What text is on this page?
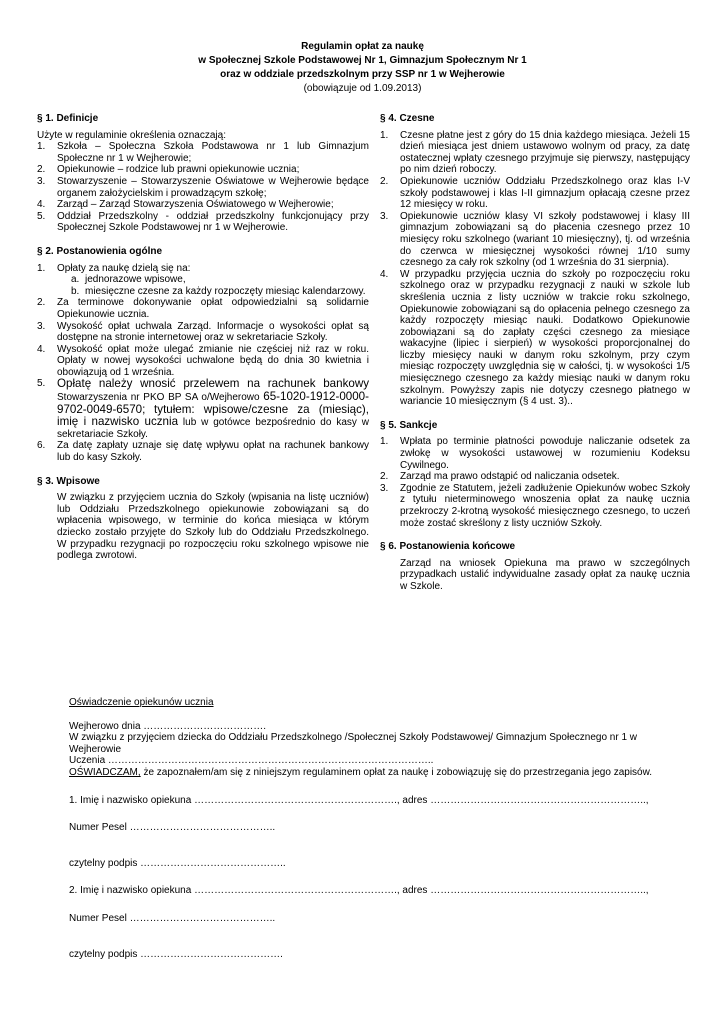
Regulamin opłat za naukę
w Społecznej Szkole Podstawowej Nr 1, Gimnazjum Społecznym Nr 1
oraz w oddziale przedszkolnym przy SSP nr 1 w Wejherowie
(obowiązuje od 1.09.2013)
§ 1. Definicje
Użyte w regulaminie określenia oznaczają:
1.	Szkoła – Społeczna Szkoła Podstawowa nr 1 lub Gimnazjum Społeczne nr 1 w Wejherowie;
2.	Opiekunowie – rodzice lub prawni opiekunowie ucznia;
3.	Stowarzyszenie – Stowarzyszenie Oświatowe w Wejherowie będące organem założycielskim i prowadzącym szkołę;
4.	Zarząd – Zarząd Stowarzyszenia Oświatowego w Wejherowie;
5.	Oddział Przedszkolny - oddział przedszkolny funkcjonujący przy Społecznej Szkole Podstawowej nr 1 w Wejherowie.
§ 2. Postanowienia ogólne
1.	Opłaty za naukę dzielą się na:
a. jednorazowe wpisowe,
b. miesięczne czesne za każdy rozpoczęty miesiąc kalendarzowy.
2.	Za terminowe dokonywanie opłat odpowiedzialni są solidarnie Opiekunowie ucznia.
3.	Wysokość opłat uchwala Zarząd. Informacje o wysokości opłat są dostępne na stronie internetowej oraz w sekretariacie Szkoły.
4.	Wysokość opłat może ulegać zmianie nie częściej niż raz w roku. Opłaty w nowej wysokości uchwalone będą do dnia 30 kwietnia i obowiązują od 1 września.
5.	Opłatę należy wnosić przelewem na rachunek bankowy Stowarzyszenia nr PKO BP SA o/Wejherowo 65-1020-1912-0000-9702-0049-6570; tytułem: wpisowe/czesne za (miesiąc), imię i nazwisko ucznia lub w gotówce bezpośrednio do kasy w sekretariacie Szkoły.
6.	Za datę zapłaty uznaje się datę wpływu opłat na rachunek bankowy lub do kasy Szkoły.
§ 3. Wpisowe
W związku z przyjęciem ucznia do Szkoły (wpisania na listę uczniów) lub Oddziału Przedszkolnego opiekunowie zobowiązani są do wpłacenia wpisowego, w terminie do końca miesiąca w którym dziecko zostało przyjęte do Szkoły lub do Oddziału Przedszkolnego. W przypadku rezygnacji po rozpoczęciu roku szkolnego wpisowe nie podlega zwrotowi.
§ 4. Czesne
1.	Czesne płatne jest z góry do 15 dnia każdego miesiąca. Jeżeli 15 dzień miesiąca jest dniem ustawowo wolnym od pracy, za datę ostatecznej wpłaty czesnego przyjmuje się pierwszy, następujący po nim dzień roboczy.
2.	Opiekunowie uczniów Oddziału Przedszkolnego oraz klas I-V szkoły podstawowej i klas I-II gimnazjum opłacają czesne przez 12 miesięcy w roku.
3.	Opiekunowie uczniów klasy VI szkoły podstawowej i klasy III gimnazjum zobowiązani są do płacenia czesnego przez 10 miesięcy roku szkolnego (wariant 10 miesięczny), tj. od września do czerwca w miesięcznej wysokości równej 1/10 sumy czesnego za cały rok szkolny (od 1 września do 31 sierpnia).
4.	W przypadku przyjęcia ucznia do szkoły po rozpoczęciu roku szkolnego oraz w przypadku rezygnacji z nauki w szkole lub skreślenia ucznia z listy uczniów w trakcie roku szkolnego, Opiekunowie zobowiązani są do opłacenia pełnego czesnego za każdy rozpoczęty miesiąc nauki. Dodatkowo Opiekunowie zobowiązani są do zapłaty części czesnego za miesiące wakacyjne (lipiec i sierpień) w wysokości proporcjonalnej do liczby miesięcy nauki w danym roku szkolnym, przy czym miesiąc rozpoczęty uwzględnia się w całości, tj. w wysokości 1/5 miesięcznego czesnego za każdy miesiąc nauki w danym roku szkolnym. Powyższy zapis nie dotyczy czesnego płatnego w wariancie 10 miesięcznym (§ 4 ust. 3)..
§ 5. Sankcje
1.	Wpłata po terminie płatności powoduje naliczanie odsetek za zwłokę w wysokości ustawowej w rozumieniu Kodeksu Cywilnego.
2.	Zarząd ma prawo odstąpić od naliczania odsetek.
3.	Zgodnie ze Statutem, jeżeli zadłużenie Opiekunów wobec Szkoły z tytułu nieterminowego wnoszenia opłat za naukę ucznia przekroczy 2-krotną wysokość miesięcznego czesnego, to uczeń może zostać skreślony z listy uczniów Szkoły.
§ 6. Postanowienia końcowe
Zarząd na wniosek Opiekuna ma prawo w szczególnych przypadkach ustalić indywidualne zasady opłat za naukę ucznia w Szkole.
Oświadczenie opiekunów ucznia
Wejherowo dnia ……………………………….
W związku z przyjęciem dziecka do Oddziału Przedszkolnego /Społecznej Szkoły Podstawowej/ Gimnazjum Społecznego nr 1 w Wejherowie
Uczenia ……………………………………………………………………………………..
OŚWIADCZAM, że zapoznałem/am się z niniejszym regulaminem opłat za naukę i zobowiązuję się do przestrzegania jego zapisów.
1. Imię i nazwisko opiekuna ……………………………………………………., adres ………………………………………………………..,
Numer Pesel ……………………………………..
czytelny podpis ……………………………………..
2. Imię i nazwisko opiekuna ……………………………………………………., adres ………………………………………………………..,
Numer Pesel ……………………………………..
czytelny podpis …………………………………….
